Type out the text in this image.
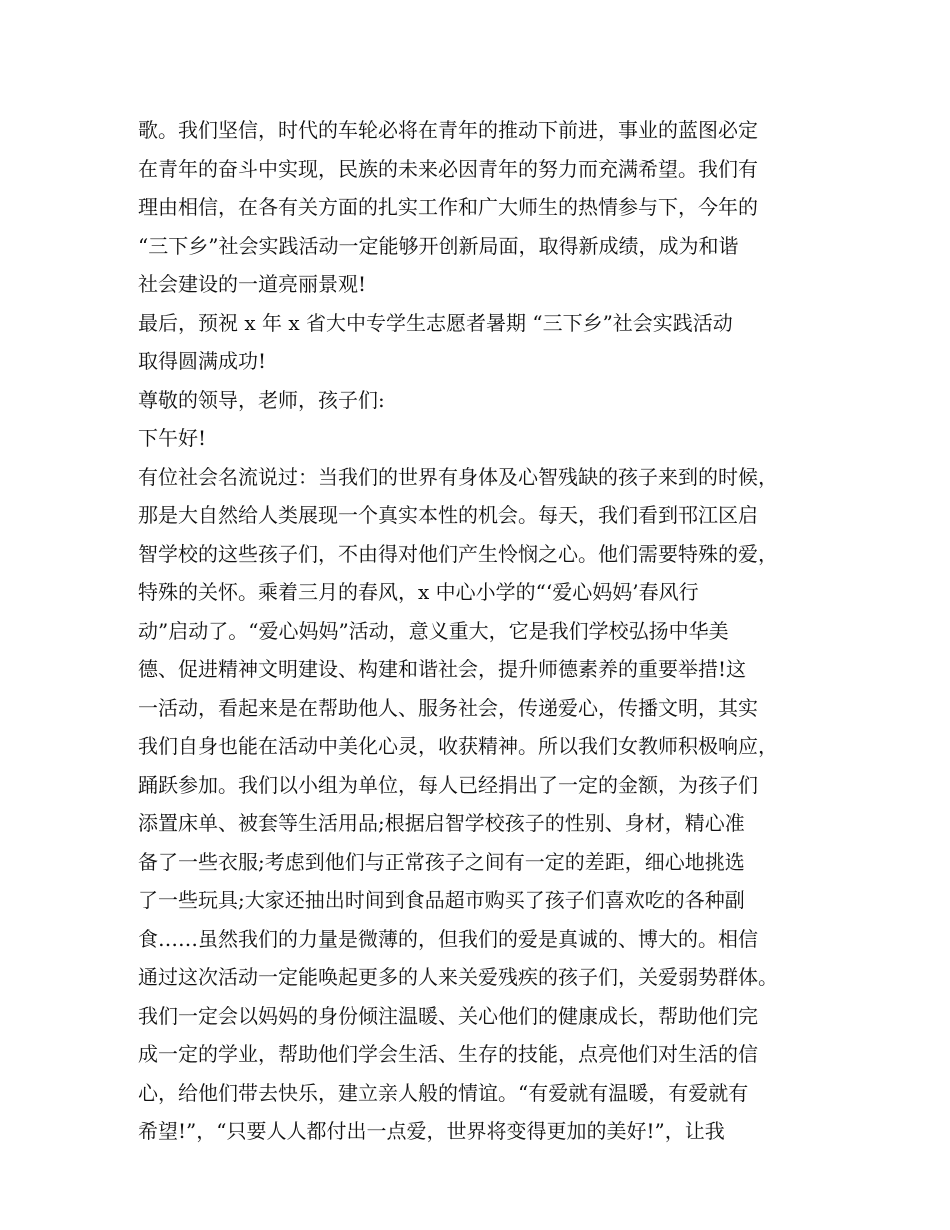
歌。我们坚信，时代的车轮必将在青年的推动下前进，事业的蓝图必定
在青年的奋斗中实现，民族的未来必因青年的努力而充满希望。我们有
理由相信，在各有关方面的扎实工作和广大师生的热情参与下，今年的
“三下乡”社会实践活动一定能够开创新局面，取得新成绩，成为和谐
社会建设的一道亮丽景观!
最后，预祝 x 年 x 省大中专学生志愿者暑期 “三下乡”社会实践活动
取得圆满成功!
尊敬的领导，老师，孩子们:
下午好!
有位社会名流说过：当我们的世界有身体及心智残缺的孩子来到的时候，
那是大自然给人类展现一个真实本性的机会。每天，我们看到邗江区启
智学校的这些孩子们，不由得对他们产生怜悯之心。他们需要特殊的爱，
特殊的关怀。乘着三月的春风，x 中心小学的“‘爱心妈妈’春风行
动”启动了。“爱心妈妈”活动，意义重大，它是我们学校弘扬中华美
德、促进精神文明建设、构建和谐社会，提升师德素养的重要举措!这
一活动，看起来是在帮助他人、服务社会，传递爱心，传播文明，其实
我们自身也能在活动中美化心灵，收获精神。所以我们女教师积极响应，
踊跃参加。我们以小组为单位，每人已经捐出了一定的金额，为孩子们
添置床单、被套等生活用品;根据启智学校孩子的性别、身材，精心准
备了一些衣服;考虑到他们与正常孩子之间有一定的差距，细心地挑选
了一些玩具;大家还抽出时间到食品超市购买了孩子们喜欢吃的各种副
食……虽然我们的力量是微薄的，但我们的爱是真诚的、博大的。相信
通过这次活动一定能唤起更多的人来关爱残疾的孩子们，关爱弱势群体。
我们一定会以妈妈的身份倾注温暖、关心他们的健康成长，帮助他们完
成一定的学业，帮助他们学会生活、生存的技能，点亮他们对生活的信
心，给他们带去快乐，建立亲人般的情谊。“有爱就有温暖，有爱就有
希望!”，“只要人人都付出一点爱，世界将变得更加的美好!”，让我
